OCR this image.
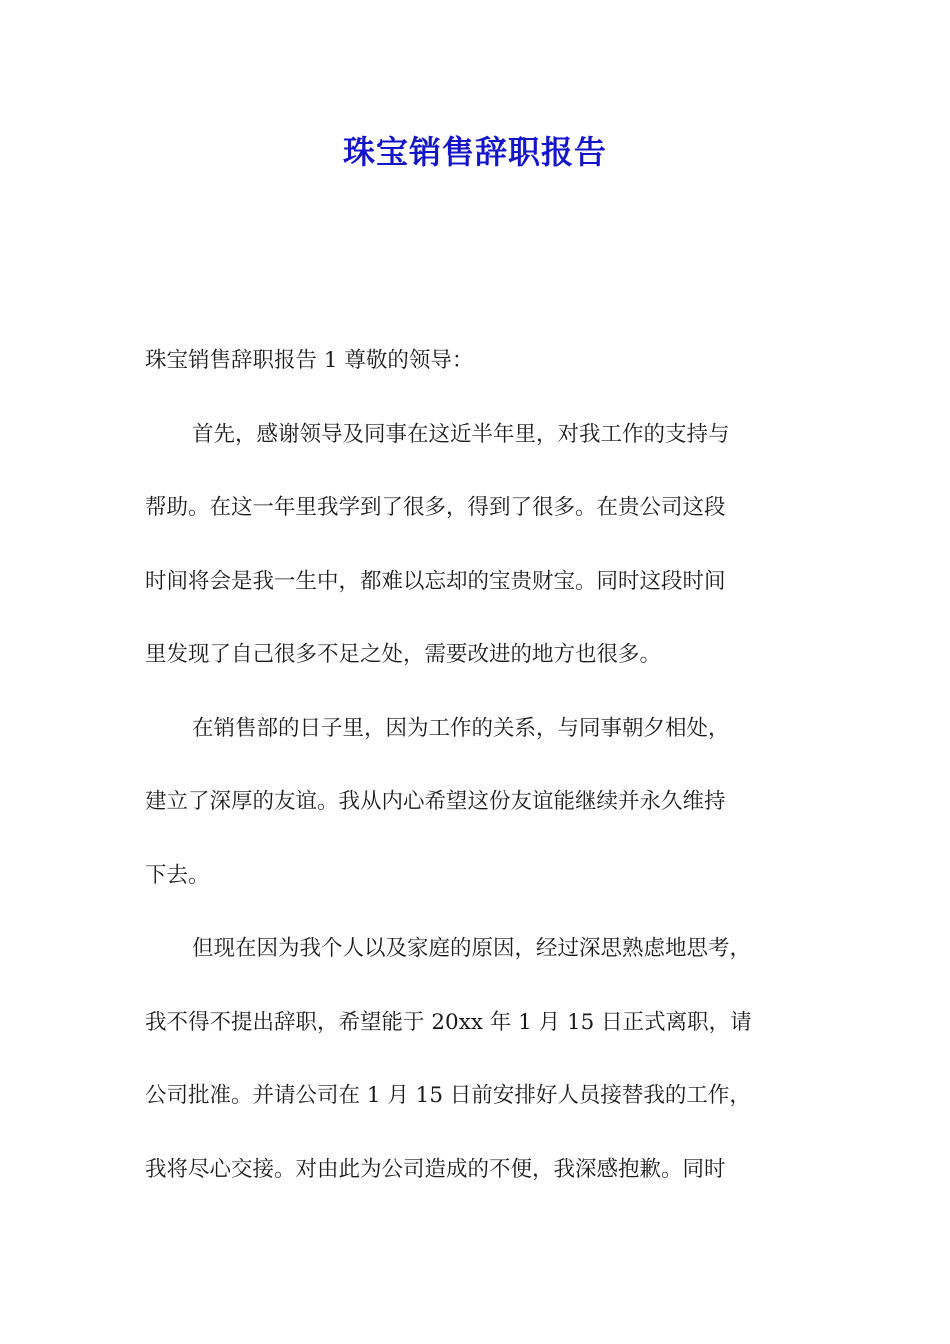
珠宝销售辞职报告

珠宝销售辞职报告 1 尊敬的领导：

首先，感谢领导及同事在这近半年里，对我工作的支持与

帮助。在这一年里我学到了很多，得到了很多。在贵公司这段

时间将会是我一生中，都难以忘却的宝贵财宝。同时这段时间

里发现了自己很多不足之处，需要改进的地方也很多。

在销售部的日子里，因为工作的关系，与同事朝夕相处，

建立了深厚的友谊。我从内心希望这份友谊能继续并永久维持

下去。

但现在因为我个人以及家庭的原因，经过深思熟虑地思考，

我不得不提出辞职，希望能于 20xx 年 1 月 15 日正式离职，请

公司批准。并请公司在 1 月 15 日前安排好人员接替我的工作，

我将尽心交接。对由此为公司造成的不便，我深感抱歉。同时
